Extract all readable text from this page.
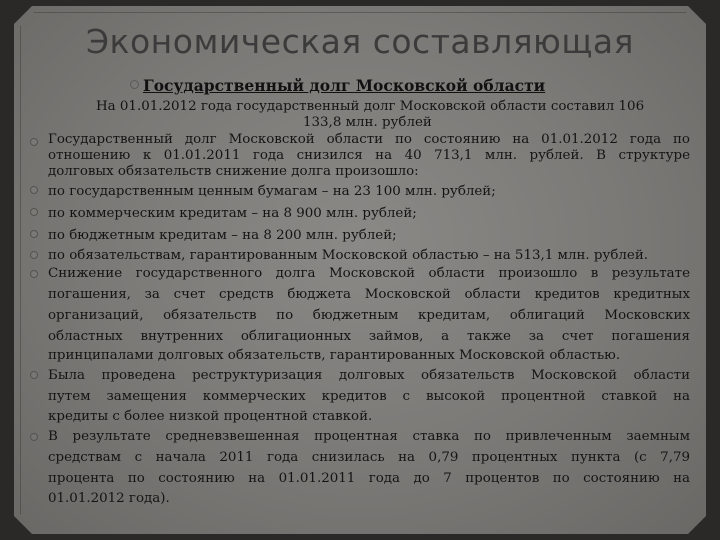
Экономическая составляющая
Государственный долг Московской области
На 01.01.2012 года государственный долг Московской области составил 106
133,8 млн. рублей
Государственный долг Московской области по состоянию на 01.01.2012 года по
отношению к 01.01.2011 года снизился на 40 713,1 млн. рублей. В структуре
долговых обязательств снижение долга произошло:
по государственным ценным бумагам – на 23 100 млн. рублей;
по коммерческим кредитам – на 8 900 млн. рублей;
по бюджетным кредитам – на 8 200 млн. рублей;
по обязательствам, гарантированным Московской областью – на 513,1 млн. рублей.
Снижение государственного долга Московской области произошло в результате
погашения, за счет средств бюджета Московской области кредитов кредитных
организаций, обязательств по бюджетным кредитам, облигаций Московских
областных внутренних облигационных займов, а также за счет погашения
принципалами долговых обязательств, гарантированных Московской областью.
Была проведена реструктуризация долговых обязательств Московской области
путем замещения коммерческих кредитов с высокой процентной ставкой на
кредиты с более низкой процентной ставкой.
В результате средневзвешенная процентная ставка по привлеченным заемным
средствам с начала 2011 года снизилась на 0,79 процентных пункта (с 7,79
процента по состоянию на 01.01.2011 года до 7 процентов по состоянию на
01.01.2012 года).
